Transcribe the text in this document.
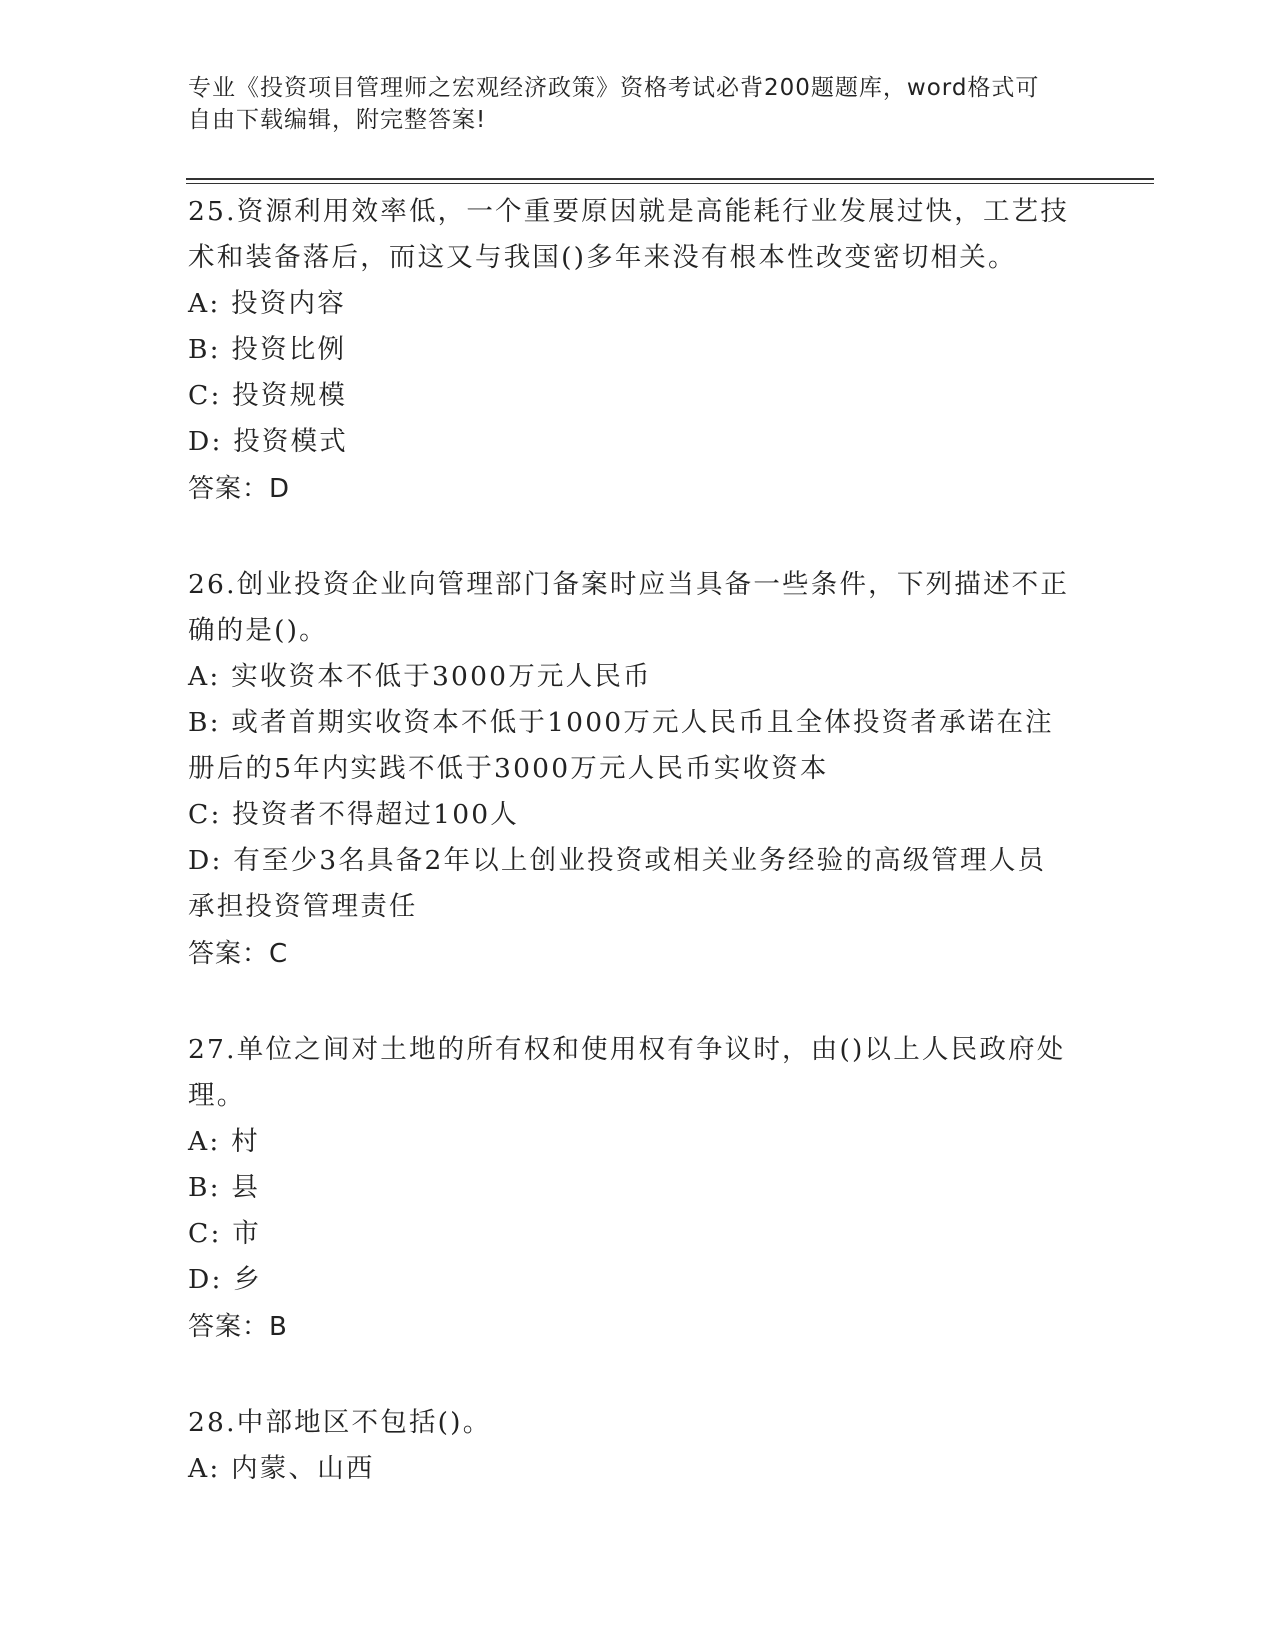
专业《投资项目管理师之宏观经济政策》资格考试必背200题题库，word格式可
自由下载编辑，附完整答案!

25.资源利用效率低，一个重要原因就是高能耗行业发展过快，工艺技

术和装备落后，而这又与我国()多年来没有根本性改变密切相关。

A: 投资内容

B: 投资比例

C: 投资规模

D: 投资模式

答案：D

26.创业投资企业向管理部门备案时应当具备一些条件，下列描述不正

确的是()。

A: 实收资本不低于3000万元人民币

B: 或者首期实收资本不低于1000万元人民币且全体投资者承诺在注

册后的5年内实践不低于3000万元人民币实收资本

C: 投资者不得超过100人

D: 有至少3名具备2年以上创业投资或相关业务经验的高级管理人员

承担投资管理责任

答案：C

27.单位之间对土地的所有权和使用权有争议时，由()以上人民政府处

理。

A: 村

B: 县

C: 市

D: 乡

答案：B

28.中部地区不包括()。

A: 内蒙、山西
